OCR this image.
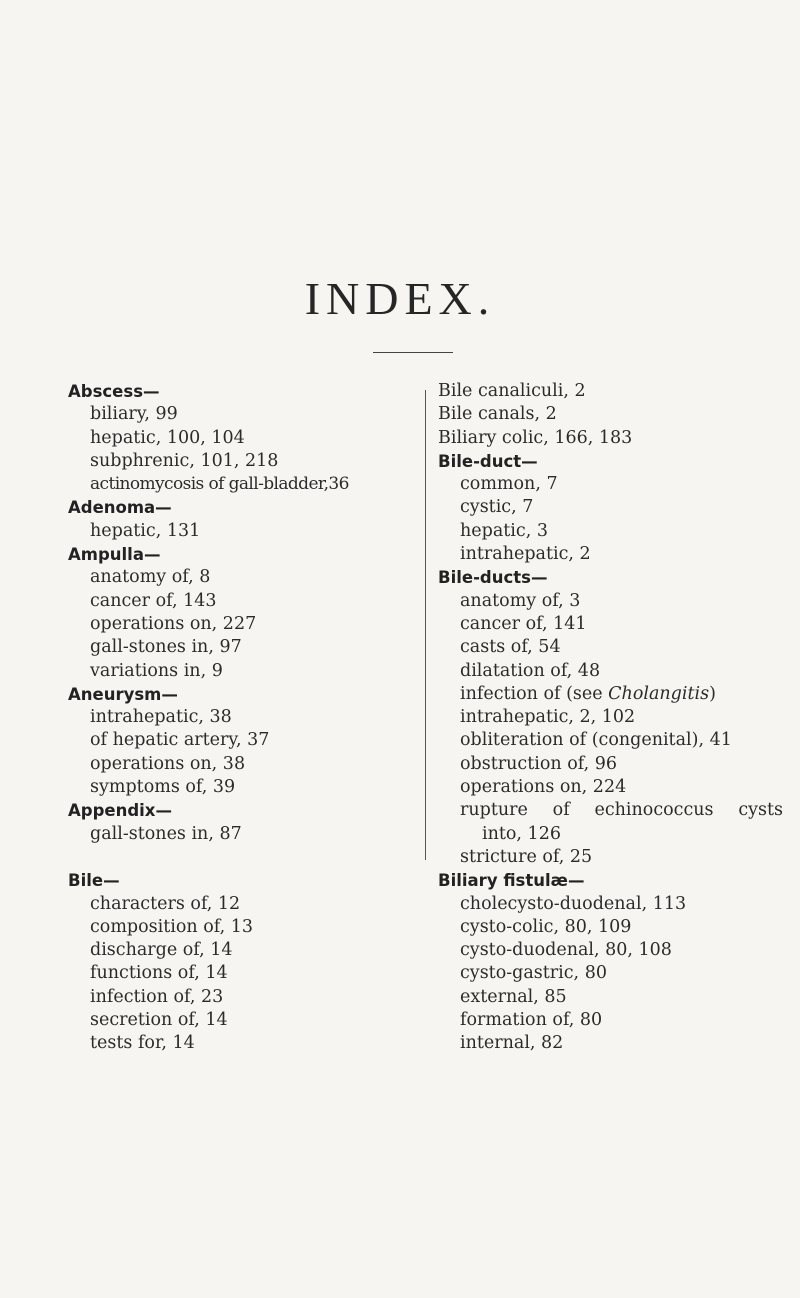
INDEX.
Abscess—
biliary, 99
hepatic, 100, 104
subphrenic, 101, 218
actinomycosis of gall-bladder,36
Adenoma—
hepatic, 131
Ampulla—
anatomy of, 8
cancer of, 143
operations on, 227
gall-stones in, 97
variations in, 9
Aneurysm—
intrahepatic, 38
of hepatic artery, 37
operations on, 38
symptoms of, 39
Appendix—
gall-stones in, 87
Bile—
characters of, 12
composition of, 13
discharge of, 14
functions of, 14
infection of, 23
secretion of, 14
tests for, 14
Bile canaliculi, 2
Bile canals, 2
Biliary colic, 166, 183
Bile-duct—
common, 7
cystic, 7
hepatic, 3
intrahepatic, 2
Bile-ducts—
anatomy of, 3
cancer of, 141
casts of, 54
dilatation of, 48
infection of (see Cholangitis)
intrahepatic, 2, 102
obliteration of (congenital), 41
obstruction of, 96
operations on, 224
rupture of echinococcus cysts
into, 126
stricture of, 25
Biliary fistulæ—
cholecysto-duodenal, 113
cysto-colic, 80, 109
cysto-duodenal, 80, 108
cysto-gastric, 80
external, 85
formation of, 80
internal, 82
